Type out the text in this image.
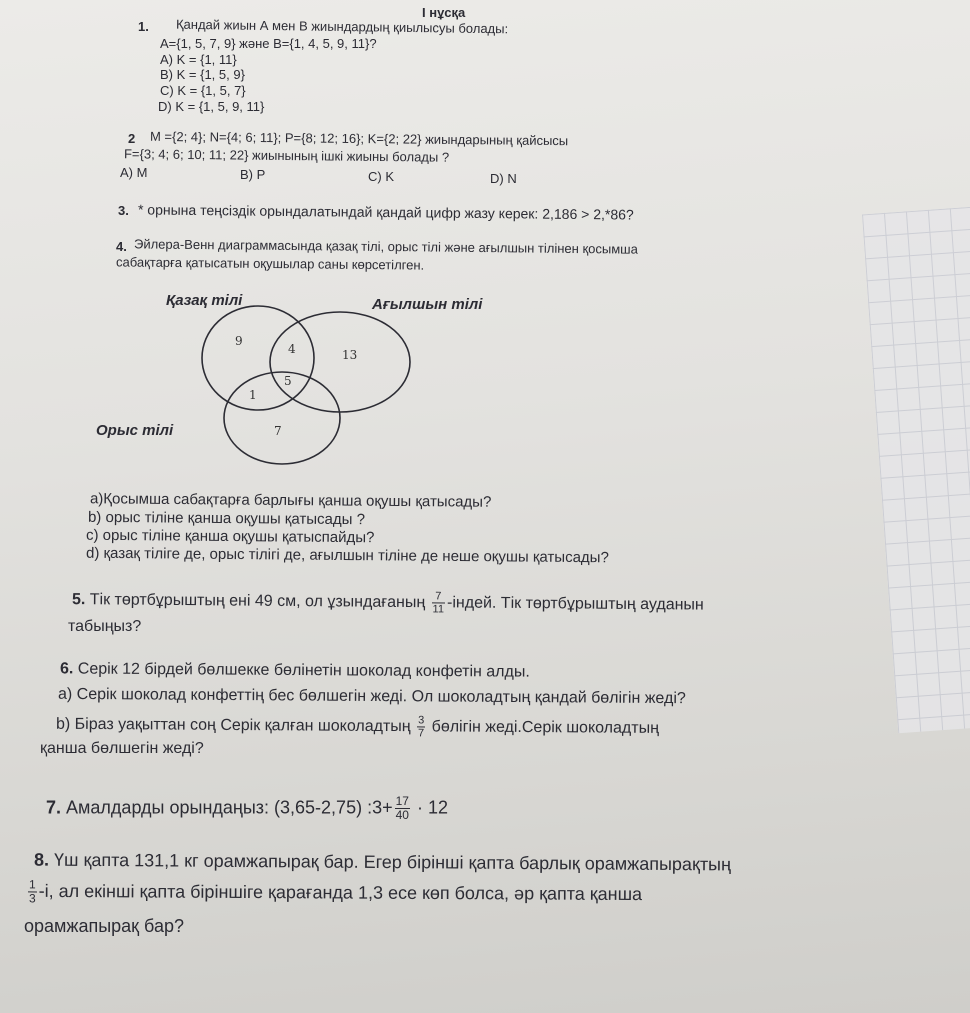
I нұсқа
1. Қандай жиын А мен В жиындардың қиылысуы болады:
A={1, 5, 7, 9} және B={1, 4, 5, 9, 11}?
A) K = {1, 11}
B) K = {1, 5, 9}
C) K = {1, 5, 7}
D) K = {1, 5, 9, 11}
2 M ={2; 4}; N={4; 6; 11}; P={8; 12; 16}; K={2; 22} жиындарының қайсысы
F={3; 4; 6; 10; 11; 22} жиынының ішкі жиыны болады ?
A) M	B) P	C) K	D) N
3. * орнына теңсіздік орындалатындай қандай цифр жазу керек: 2,186 > 2,*86?
4. Эйлера-Венн диаграммасында қазақ тілі, орыс тілі және ағылшын тілінен қосымша
сабақтарға қатысатын оқушылар саны көрсетілген.
Қазақ тілі	Ағылшын тілі
Орыс тілі
9
4	13
5
1
7
a)Қосымша сабақтарға барлығы қанша оқушы қатысады?
b) орыс тіліне қанша оқушы қатысады ?
c) орыс тіліне қанша оқушы қатыспайды?
d) қазақ тіліге де, орыс тілігі де, ағылшын тіліне де неше оқушы қатысады?
5. Тік төртбұрыштың ені 49 см, ол ұзындағаның $\frac{7}{11}$ -індей. Тік төртбұрыштың ауданын
табыңыз?
6. Серік 12 бірдей бөлшекке бөлінетін шоколад конфетін алды.
а) Серік шоколад конфеттің бес бөлшегін жеді. Ол шоколадтың қандай бөлігін жеді?
b) Біраз уақыттан соң Серік қалған шоколадтың $\frac{3}{7}$ бөлігін жеді.Серік шоколадтың
қанша бөлшегін жеді?
7. Амалдарды орындаңыз: (3,65-2,75) :3+ $\frac{17}{40} \cdot 12$
8. Үш қапта 131,1 кг орамжапырақ бар. Егер бірінші қапта барлық орамжапырақтың
$\frac{1}{3} -і$, ал екінші қапта біріншіге қарағанда 1,3 есе көп болса, әр қапта қанша
орамжапырақ бар?
